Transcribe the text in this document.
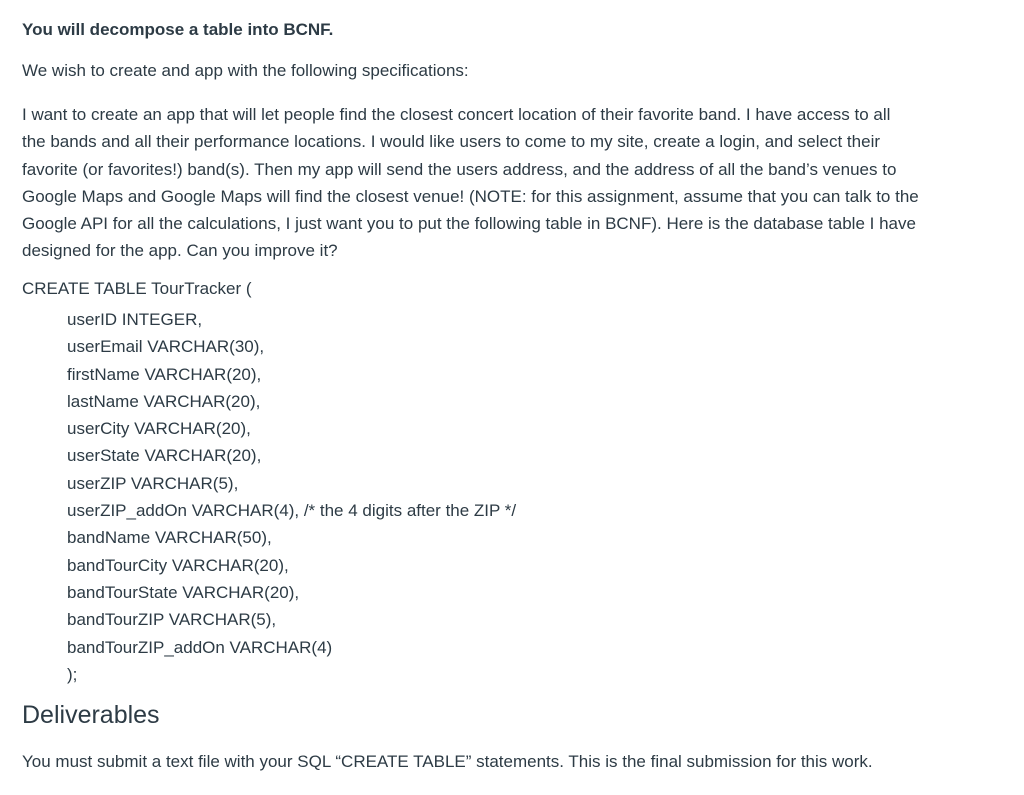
You will decompose a table into BCNF.
We wish to create and app with the following specifications:
I want to create an app that will let people find the closest concert location of their favorite band. I have access to all
the bands and all their performance locations. I would like users to come to my site, create a login, and select their
favorite (or favorites!) band(s). Then my app will send the users address, and the address of all the band’s venues to
Google Maps and Google Maps will find the closest venue! (NOTE: for this assignment, assume that you can talk to the
Google API for all the calculations, I just want you to put the following table in BCNF). Here is the database table I have
designed for the app. Can you improve it?
CREATE TABLE TourTracker (
userID INTEGER,
userEmail VARCHAR(30),
firstName VARCHAR(20),
lastName VARCHAR(20),
userCity VARCHAR(20),
userState VARCHAR(20),
userZIP VARCHAR(5),
userZIP_addOn VARCHAR(4), /* the 4 digits after the ZIP */
bandName VARCHAR(50),
bandTourCity VARCHAR(20),
bandTourState VARCHAR(20),
bandTourZIP VARCHAR(5),
bandTourZIP_addOn VARCHAR(4)
);
Deliverables
You must submit a text file with your SQL “CREATE TABLE” statements. This is the final submission for this work.
